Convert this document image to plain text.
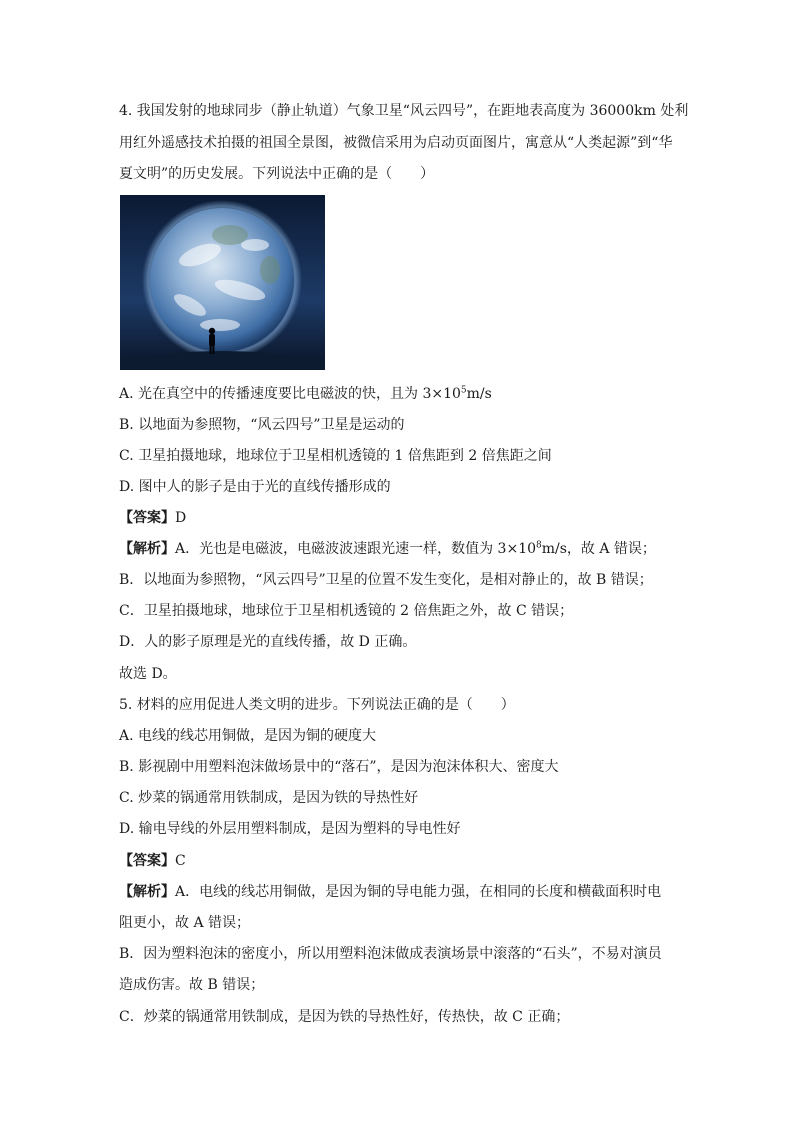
4. 我国发射的地球同步（静止轨道）气象卫星“风云四号”，在距地表高度为 36000km 处利
用红外遥感技术拍摄的祖国全景图，被微信采用为启动页面图片，寓意从“人类起源”到“华
夏文明”的历史发展。下列说法中正确的是（　　）
A. 光在真空中的传播速度要比电磁波的快，且为 $3\times 10^5m/s$
B. 以地面为参照物，“风云四号”卫星是运动的
C. 卫星拍摄地球，地球位于卫星相机透镜的 1 倍焦距到 2 倍焦距之间
D. 图中人的影子是由于光的直线传播形成的
【答案】D
【解析】A．光也是电磁波，电磁波波速跟光速一样，数值为 $3\times 10^8m/s$，故 A 错误；
B．以地面为参照物，“风云四号”卫星的位置不发生变化，是相对静止的，故 B 错误；
C．卫星拍摄地球，地球位于卫星相机透镜的 2 倍焦距之外，故 C 错误；
D．人的影子原理是光的直线传播，故 D 正确。
故选 D。
5. 材料的应用促进人类文明的进步。下列说法正确的是（　　）
A. 电线的线芯用铜做，是因为铜的硬度大
B. 影视剧中用塑料泡沫做场景中的“落石”，是因为泡沫体积大、密度大
C. 炒菜的锅通常用铁制成，是因为铁的导热性好
D. 输电导线的外层用塑料制成，是因为塑料的导电性好
【答案】C
【解析】A．电线的线芯用铜做，是因为铜的导电能力强，在相同的长度和横截面积时电
阻更小，故 A 错误；
B．因为塑料泡沫的密度小，所以用塑料泡沫做成表演场景中滚落的“石头”，不易对演员
造成伤害。故 B 错误；
C．炒菜的锅通常用铁制成，是因为铁的导热性好，传热快，故 C 正确；
